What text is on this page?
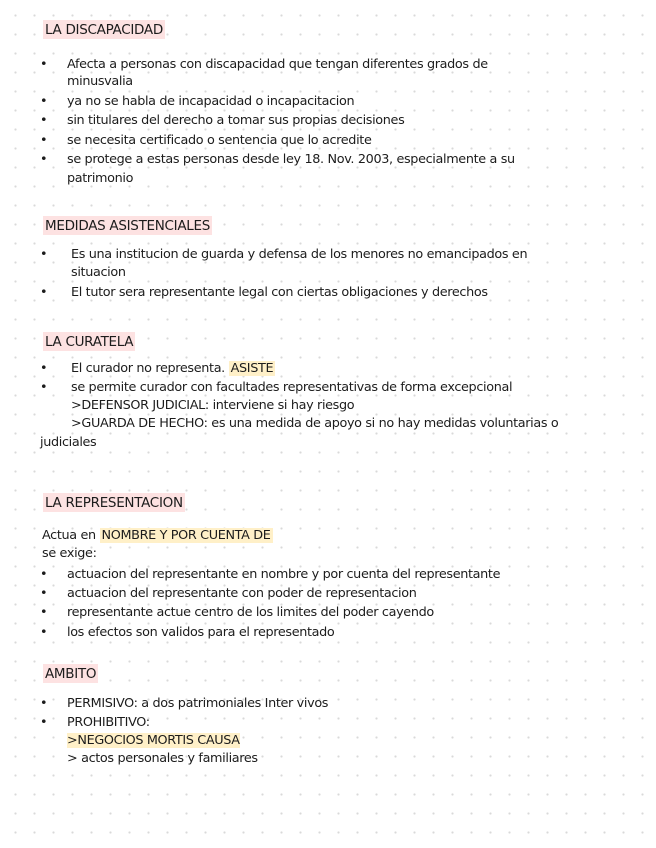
LA DISCAPACIDAD
• Afecta a personas con discapacidad que tengan diferentes grados de
minusvalia
• ya no se habla de incapacidad o incapacitacion
• sin titulares del derecho a tomar sus propias decisiones
• se necesita certificado o sentencia que lo acredite
• se protege a estas personas desde ley 18. Nov. 2003, especialmente a su
patrimonio
MEDIDAS ASISTENCIALES
• Es una institucion de guarda y defensa de los menores no emancipados en
situacion
• El tutor sera representante legal con ciertas obligaciones y derechos
LA CURATELA
• El curador no representa. ASISTE
• se permite curador con facultades representativas de forma excepcional
>DEFENSOR JUDICIAL: interviene si hay riesgo
>GUARDA DE HECHO: es una medida de apoyo si no hay medidas voluntarias o
judiciales
LA REPRESENTACION
Actua en NOMBRE Y POR CUENTA DE
se exige:
• actuacion del representante en nombre y por cuenta del representante
• actuacion del representante con poder de representacion
• representante actue centro de los limites del poder cayendo
• los efectos son validos para el representado
AMBITO
• PERMISIVO: a dos patrimoniales Inter vivos
• PROHIBITIVO:
>NEGOCIOS MORTIS CAUSA
> actos personales y familiares
